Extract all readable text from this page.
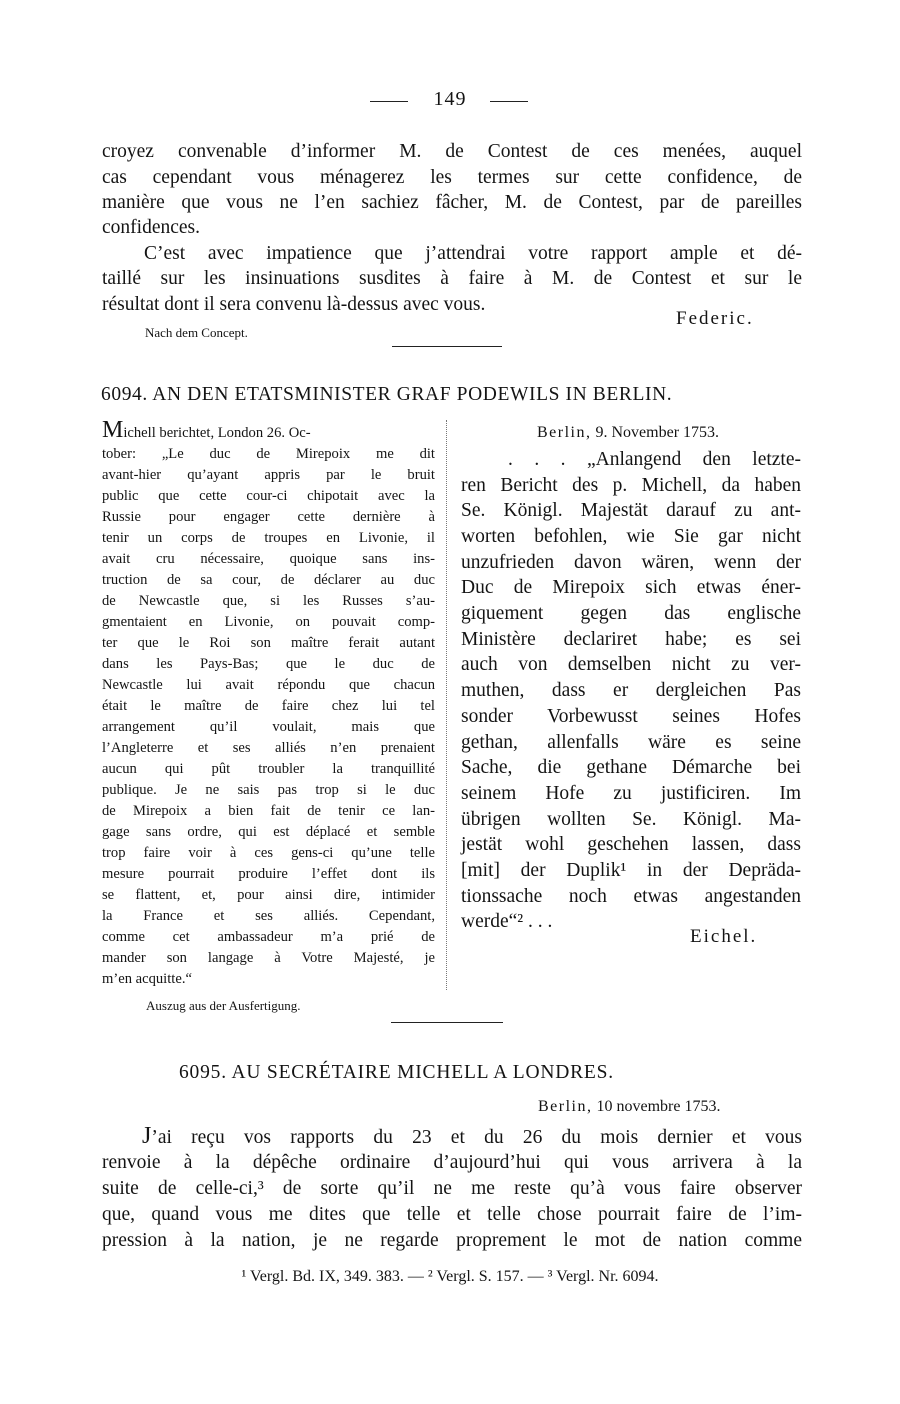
149
croyez convenable d’informer M. de Contest de ces menées, auquel
cas cependant vous ménagerez les termes sur cette confidence, de
manière que vous ne l’en sachiez fâcher, M. de Contest, par de pareilles
confidences.
C’est avec impatience que j’attendrai votre rapport ample et dé-
taillé sur les insinuations susdites à faire à M. de Contest et sur le
résultat dont il sera convenu là-dessus avec vous.
Federic.
Nach dem Concept.
6094. AN DEN ETATSMINISTER GRAF PODEWILS IN BERLIN.
Michell berichtet, London 26. Oc-
tober: „Le duc de Mirepoix me dit
avant-hier qu’ayant appris par le bruit
public que cette cour-ci chipotait avec la
Russie pour engager cette dernière à
tenir un corps de troupes en Livonie, il
avait cru nécessaire, quoique sans ins-
truction de sa cour, de déclarer au duc
de Newcastle que, si les Russes s’au-
gmentaient en Livonie, on pouvait comp-
ter que le Roi son maître ferait autant
dans les Pays-Bas; que le duc de
Newcastle lui avait répondu que chacun
était le maître de faire chez lui tel
arrangement qu’il voulait, mais que
l’Angleterre et ses alliés n’en prenaient
aucun qui pût troubler la tranquillité
publique. Je ne sais pas trop si le duc
de Mirepoix a bien fait de tenir ce lan-
gage sans ordre, qui est déplacé et semble
trop faire voir à ces gens-ci qu’une telle
mesure pourrait produire l’effet dont ils
se flattent, et, pour ainsi dire, intimider
la France et ses alliés. Cependant,
comme cet ambassadeur m’a prié de
mander son langage à Votre Majesté, je
m’en acquitte.“
Auszug aus der Ausfertigung.
Berlin, 9. November 1753.
. . . „Anlangend den letzte-
ren Bericht des p. Michell, da haben
Se. Königl. Majestät darauf zu ant-
worten befohlen, wie Sie gar nicht
unzufrieden davon wären, wenn der
Duc de Mirepoix sich etwas éner-
giquement gegen das englische
Ministère declariret habe; es sei
auch von demselben nicht zu ver-
muthen, dass er dergleichen Pas
sonder Vorbewusst seines Hofes
gethan, allenfalls wäre es seine
Sache, die gethane Démarche bei
seinem Hofe zu justificiren. Im
übrigen wollten Se. Königl. Ma-
jestät wohl geschehen lassen, dass
[mit] der Duplik¹ in der Depräda-
tionssache noch etwas angestanden
werde“² . . .
Eichel.
6095. AU SECRÉTAIRE MICHELL A LONDRES.
Berlin, 10 novembre 1753.
J’ai reçu vos rapports du 23 et du 26 du mois dernier et vous
renvoie à la dépêche ordinaire d’aujourd’hui qui vous arrivera à la
suite de celle-ci,³ de sorte qu’il ne me reste qu’à vous faire observer
que, quand vous me dites que telle et telle chose pourrait faire de l’im-
pression à la nation, je ne regarde proprement le mot de nation comme
¹ Vergl. Bd. IX, 349. 383. — ² Vergl. S. 157. — ³ Vergl. Nr. 6094.
